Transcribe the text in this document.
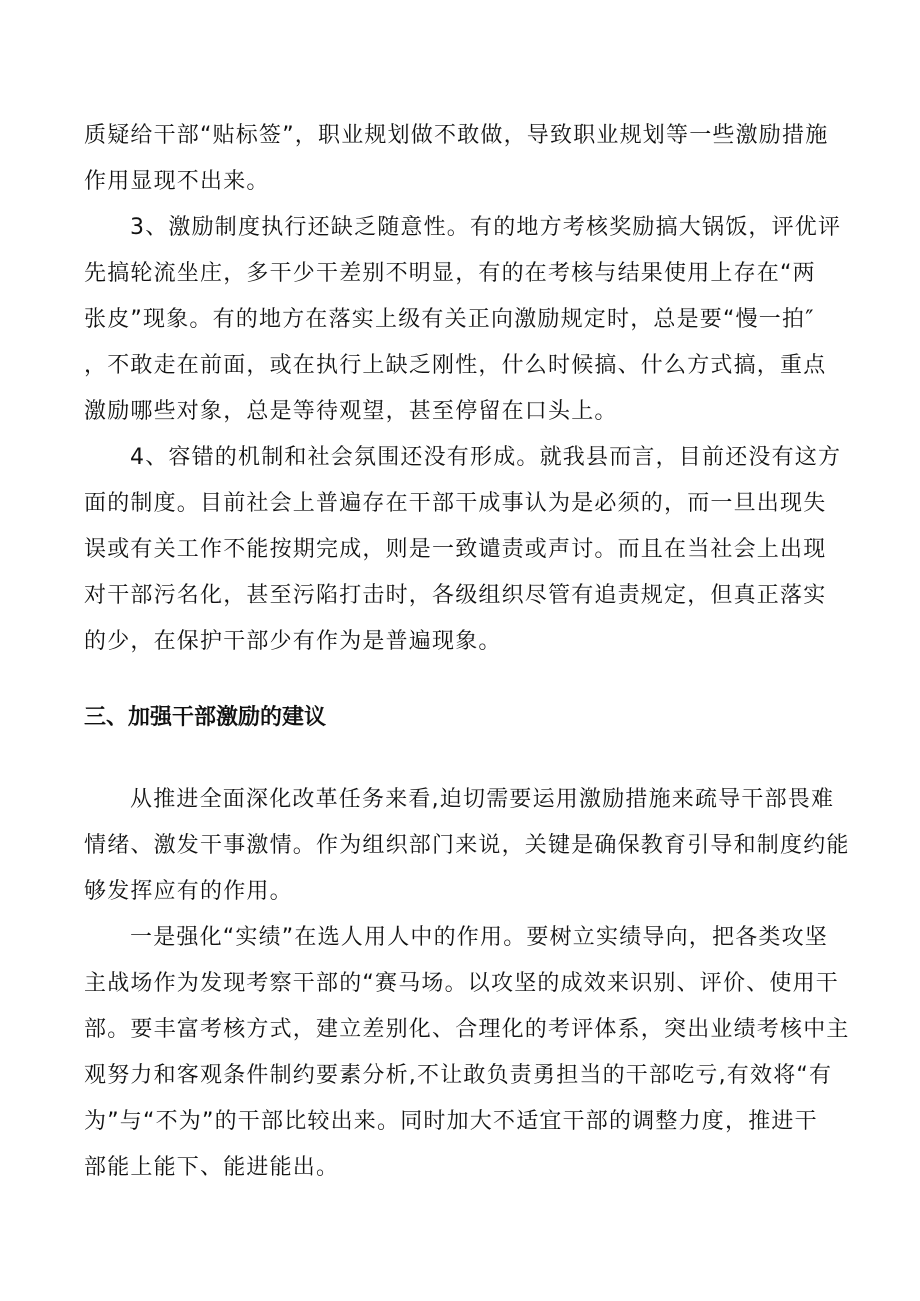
质疑给干部“贴标签”，职业规划做不敢做，导致职业规划等一些激励措施
作用显现不出来。
3、激励制度执行还缺乏随意性。有的地方考核奖励搞大锅饭，评优评
先搞轮流坐庄，多干少干差别不明显，有的在考核与结果使用上存在“两
张皮”现象。有的地方在落实上级有关正向激励规定时，总是要“慢一拍″
，不敢走在前面，或在执行上缺乏刚性，什么时候搞、什么方式搞，重点
激励哪些对象，总是等待观望，甚至停留在口头上。
4、容错的机制和社会氛围还没有形成。就我县而言，目前还没有这方
面的制度。目前社会上普遍存在干部干成事认为是必须的，而一旦出现失
误或有关工作不能按期完成，则是一致谴责或声讨。而且在当社会上出现
对干部污名化，甚至污陷打击时，各级组织尽管有追责规定，但真正落实
的少，在保护干部少有作为是普遍现象。
三、加强干部激励的建议
从推进全面深化改革任务来看,迫切需要运用激励措施来疏导干部畏难
情绪、激发干事激情。作为组织部门来说，关键是确保教育引导和制度约能
够发挥应有的作用。
一是强化“实绩”在选人用人中的作用。要树立实绩导向，把各类攻坚
主战场作为发现考察干部的“赛马场。以攻坚的成效来识别、评价、使用干
部。要丰富考核方式，建立差别化、合理化的考评体系，突出业绩考核中主
观努力和客观条件制约要素分析,不让敢负责勇担当的干部吃亏,有效将“有
为”与“不为”的干部比较出来。同时加大不适宜干部的调整力度，推进干
部能上能下、能进能出。
